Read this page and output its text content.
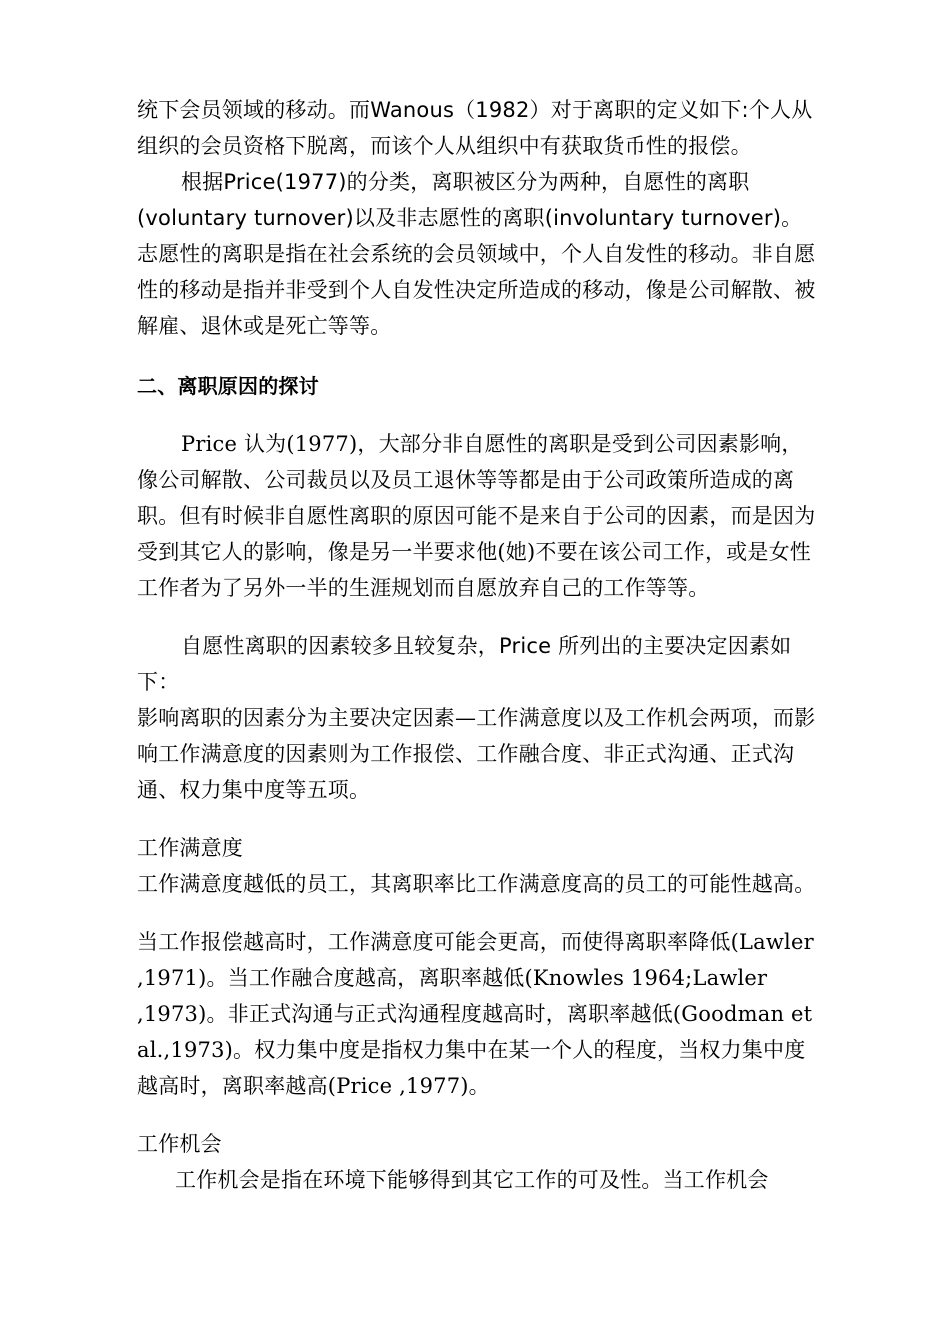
统下会员领域的移动。而Wanous（1982）对于离职的定义如下:个人从组织的会员资格下脱离，而该个人从组织中有获取货币性的报偿。

根据Price(1977)的分类，离职被区分为两种，自愿性的离职(voluntary turnover)以及非志愿性的离职(involuntary turnover)。志愿性的离职是指在社会系统的会员领域中，个人自发性的移动。非自愿性的移动是指并非受到个人自发性决定所造成的移动，像是公司解散、被解雇、退休或是死亡等等。

二、离职原因的探讨

Price 认为(1977)，大部分非自愿性的离职是受到公司因素影响，像公司解散、公司裁员以及员工退休等等都是由于公司政策所造成的离职。但有时候非自愿性离职的原因可能不是来自于公司的因素，而是因为受到其它人的影响，像是另一半要求他(她)不要在该公司工作，或是女性工作者为了另外一半的生涯规划而自愿放弃自己的工作等等。

自愿性离职的因素较多且较复杂，Price 所列出的主要决定因素如下：

影响离职的因素分为主要决定因素—工作满意度以及工作机会两项，而影响工作满意度的因素则为工作报偿、工作融合度、非正式沟通、正式沟通、权力集中度等五项。

工作满意度

工作满意度越低的员工，其离职率比工作满意度高的员工的可能性越高。

当工作报偿越高时，工作满意度可能会更高，而使得离职率降低(Lawler ,1971)。当工作融合度越高，离职率越低(Knowles 1964;Lawler ,1973)。非正式沟通与正式沟通程度越高时，离职率越低(Goodman et al.,1973)。权力集中度是指权力集中在某一个人的程度，当权力集中度越高时，离职率越高(Price ,1977)。

工作机会

工作机会是指在环境下能够得到其它工作的可及性。当工作机会
